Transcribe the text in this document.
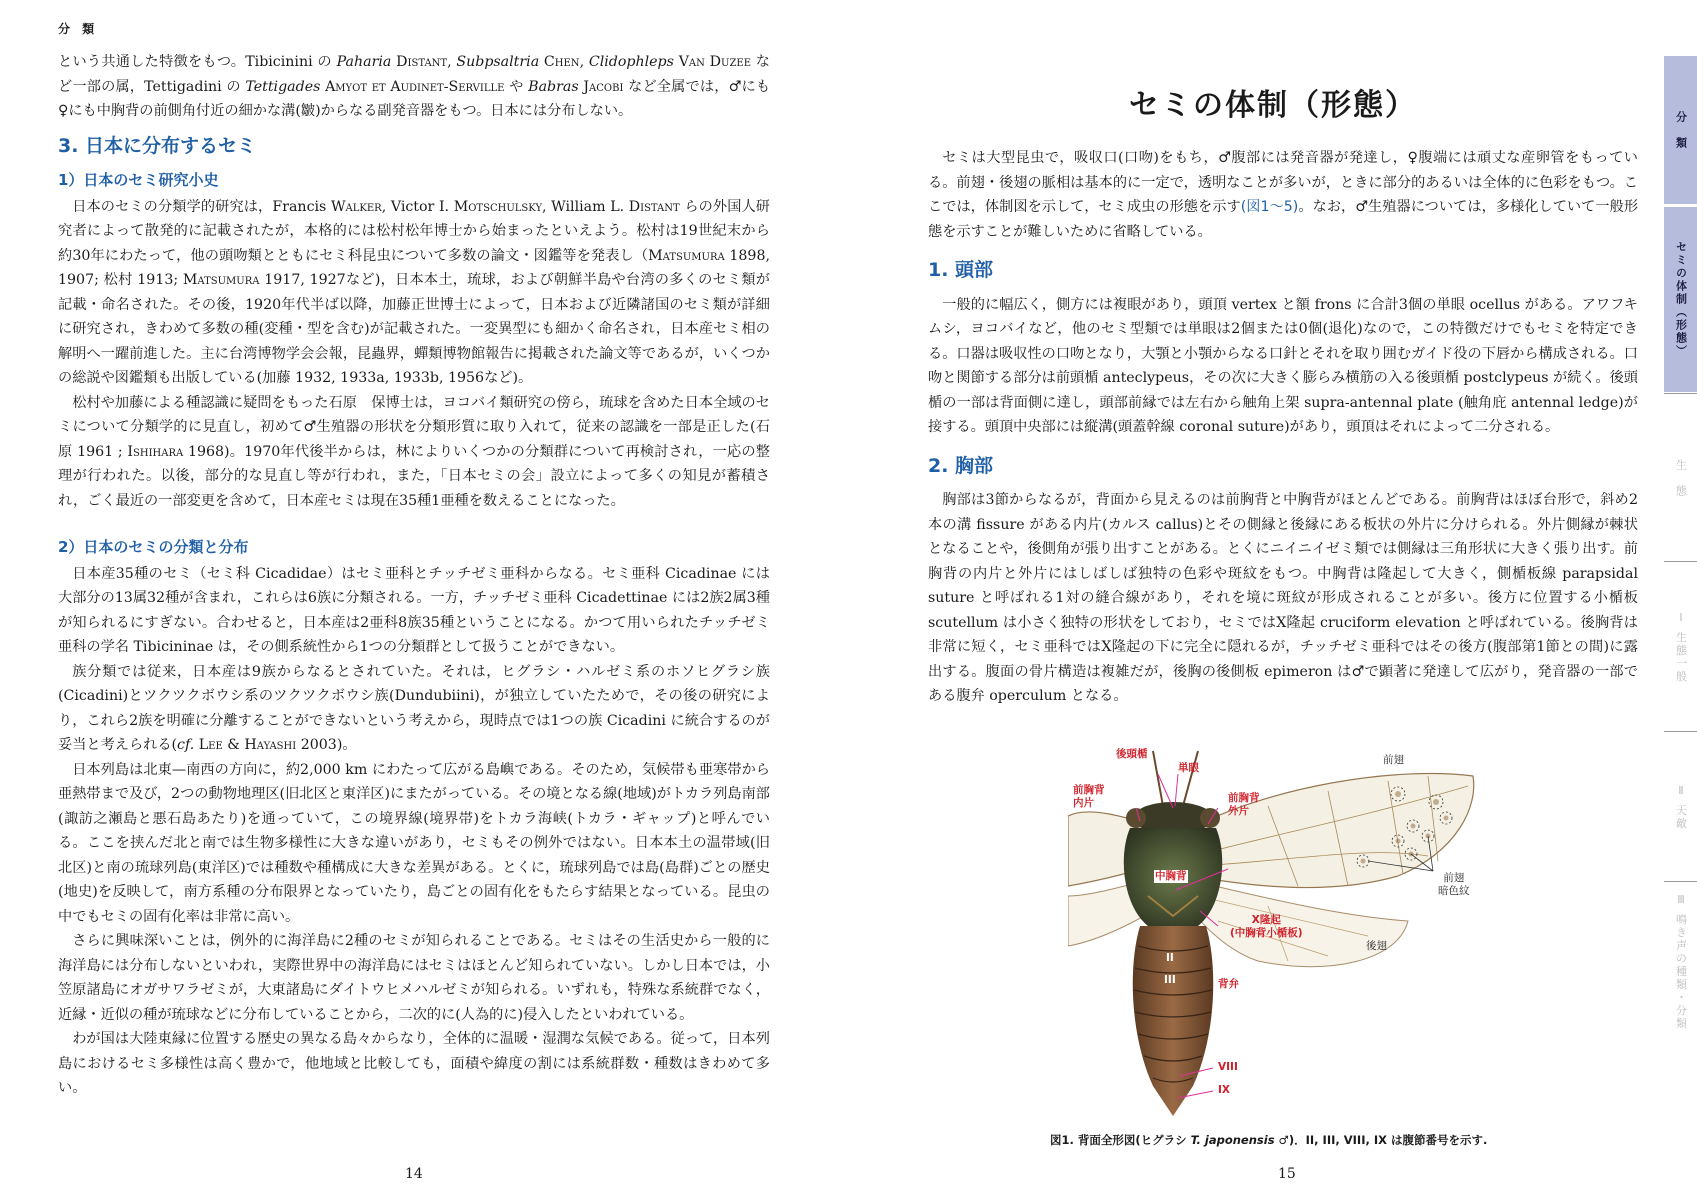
分 類

という共通した特徴をもつ。Tibicinini の Paharia Distant, Subpsaltria Chen, Clidophleps Van Duzee など一部の属，Tettigadini の Tettigades Amyot et Audinet-Serville や Babras Jacobi など全属では，♂にも♀にも中胸背の前側角付近の細かな溝(皺)からなる副発音器をもつ。日本には分布しない。

3. 日本に分布するセミ
1）日本のセミ研究小史

日本のセミの分類学的研究は，Francis Walker, Victor I. Motschulsky, William L. Distant らの外国人研究者によって散発的に記載されたが，本格的には松村松年博士から始まったといえよう。松村は19世紀末から約30年にわたって，他の頭吻類とともにセミ科昆虫について多数の論文・図鑑等を発表し（Matsumura 1898, 1907; 松村 1913; Matsumura 1917, 1927など)，日本本土，琉球，および朝鮮半島や台湾の多くのセミ類が記載・命名された。その後，1920年代半ば以降，加藤正世博士によって，日本および近隣諸国のセミ類が詳細に研究され，きわめて多数の種(変種・型を含む)が記載された。一変異型にも細かく命名され，日本産セミ相の解明へ一躍前進した。主に台湾博物学会会報，昆蟲界，蟬類博物館報告に掲載された論文等であるが，いくつかの総説や図鑑類も出版している(加藤 1932, 1933a, 1933b, 1956など)。

松村や加藤による種認識に疑問をもった石原　保博士は，ヨコバイ類研究の傍ら，琉球を含めた日本全域のセミについて分類学的に見直し，初めて♂生殖器の形状を分類形質に取り入れて，従来の認識を一部是正した(石原 1961 ; Ishihara 1968)。1970年代後半からは，林によりいくつかの分類群について再検討され，一応の整理が行われた。以後，部分的な見直し等が行われ，また，「日本セミの会」設立によって多くの知見が蓄積され，ごく最近の一部変更を含めて，日本産セミは現在35種1亜種を数えることになった。

2）日本のセミの分類と分布

日本産35種のセミ（セミ科 Cicadidae）はセミ亜科とチッチゼミ亜科からなる。セミ亜科 Cicadinae には大部分の13属32種が含まれ，これらは6族に分類される。一方，チッチゼミ亜科 Cicadettinae には2族2属3種が知られるにすぎない。合わせると，日本産は2亜科8族35種ということになる。かつて用いられたチッチゼミ亜科の学名 Tibicininae は，その側系統性から1つの分類群として扱うことができない。

族分類では従来，日本産は9族からなるとされていた。それは，ヒグラシ・ハルゼミ系のホソヒグラシ族(Cicadini)とツクツクボウシ系のツクツクボウシ族(Dundubiini)，が独立していたためで，その後の研究により，これら2族を明確に分離することができないという考えから，現時点では1つの族 Cicadini に統合するのが妥当と考えられる(cf. Lee & Hayashi 2003)。

日本列島は北東—南西の方向に，約2,000 km にわたって広がる島嶼である。そのため，気候帯も亜寒帯から亜熱帯まで及び，2つの動物地理区(旧北区と東洋区)にまたがっている。その境となる線(地域)がトカラ列島南部(諏訪之瀬島と悪石島あたり)を通っていて，この境界線(境界帯)をトカラ海峡(トカラ・ギャップ)と呼んでいる。ここを挟んだ北と南では生物多様性に大きな違いがあり，セミもその例外ではない。日本本土の温帯域(旧北区)と南の琉球列島(東洋区)では種数や種構成に大きな差異がある。とくに，琉球列島では島(島群)ごとの歴史(地史)を反映して，南方系種の分布限界となっていたり，島ごとの固有化をもたらす結果となっている。昆虫の中でもセミの固有化率は非常に高い。

さらに興味深いことは，例外的に海洋島に2種のセミが知られることである。セミはその生活史から一般的に海洋島には分布しないといわれ，実際世界中の海洋島にはセミはほとんど知られていない。しかし日本では，小笠原諸島にオガサワラゼミが，大東諸島にダイトウヒメハルゼミが知られる。いずれも，特殊な系統群でなく，近縁・近似の種が琉球などに分布していることから，二次的に(人為的に)侵入したといわれている。

わが国は大陸東縁に位置する歴史の異なる島々からなり，全体的に温暖・湿潤な気候である。従って，日本列島におけるセミ多様性は高く豊かで，他地域と比較しても，面積や緯度の割には系統群数・種数はきわめて多い。

14
セミの体制（形態）

セミは大型昆虫で，吸収口(口吻)をもち，♂腹部には発音器が発達し，♀腹端には頑丈な産卵管をもっている。前翅・後翅の脈相は基本的に一定で，透明なことが多いが，ときに部分的あるいは全体的に色彩をもつ。ここでは，体制図を示して，セミ成虫の形態を示す(図1～5)。なお，♂生殖器については，多様化していて一般形態を示すことが難しいために省略している。

1. 頭部

一般的に幅広く，側方には複眼があり，頭頂 vertex と額 frons に合計3個の単眼 ocellus がある。アワフキムシ，ヨコバイなど，他のセミ型類では単眼は2個または0個(退化)なので，この特徴だけでもセミを特定できる。口器は吸収性の口吻となり，大顎と小顎からなる口針とそれを取り囲むガイド役の下唇から構成される。口吻と関節する部分は前頭楯 anteclypeus，その次に大きく膨らみ横筋の入る後頭楯 postclypeus が続く。後頭楯の一部は背面側に達し，頭部前縁では左右から触角上架 supra-antennal plate (触角庇 antennal ledge)が接する。頭頂中央部には縦溝(頭蓋幹線 coronal suture)があり，頭頂はそれによって二分される。

2. 胸部

胸部は3節からなるが，背面から見えるのは前胸背と中胸背がほとんどである。前胸背はほぼ台形で，斜め2本の溝 fissure がある内片(カルス callus)とその側縁と後縁にある板状の外片に分けられる。外片側縁が棘状となることや，後側角が張り出すことがある。とくにニイニイゼミ類では側縁は三角形状に大きく張り出す。前胸背の内片と外片にはしばしば独特の色彩や斑紋をもつ。中胸背は隆起して大きく，側楯板線 parapsidal suture と呼ばれる1対の縫合線があり，それを境に斑紋が形成されることが多い。後方に位置する小楯板 scutellum は小さく独特の形状をしており，セミではX隆起 cruciform elevation と呼ばれている。後胸背は非常に短く，セミ亜科ではX隆起の下に完全に隠れるが，チッチゼミ亜科ではその後方(腹部第1節との間)に露出する。腹面の骨片構造は複雑だが，後胸の後側板 epimeron は♂で顕著に発達して広がり，発音器の一部である腹弁 operculum となる。

後頭楯
単眼
前胸背
内片	前胸背
外片
中胸背
X隆起
(中胸背小楯板)
II
III	背弁
VIII
IX
前翅
前翅
暗色紋
後翅
図1. 背面全形図(ヒグラシ T. japonensis ♂)．II, III, VIII, IX は腹節番号を示す.
15
分　類
セミの体制（形態）
生　態
Ⅰ 生態一般
Ⅱ 天敵
Ⅲ 鳴き声の種類・分類
